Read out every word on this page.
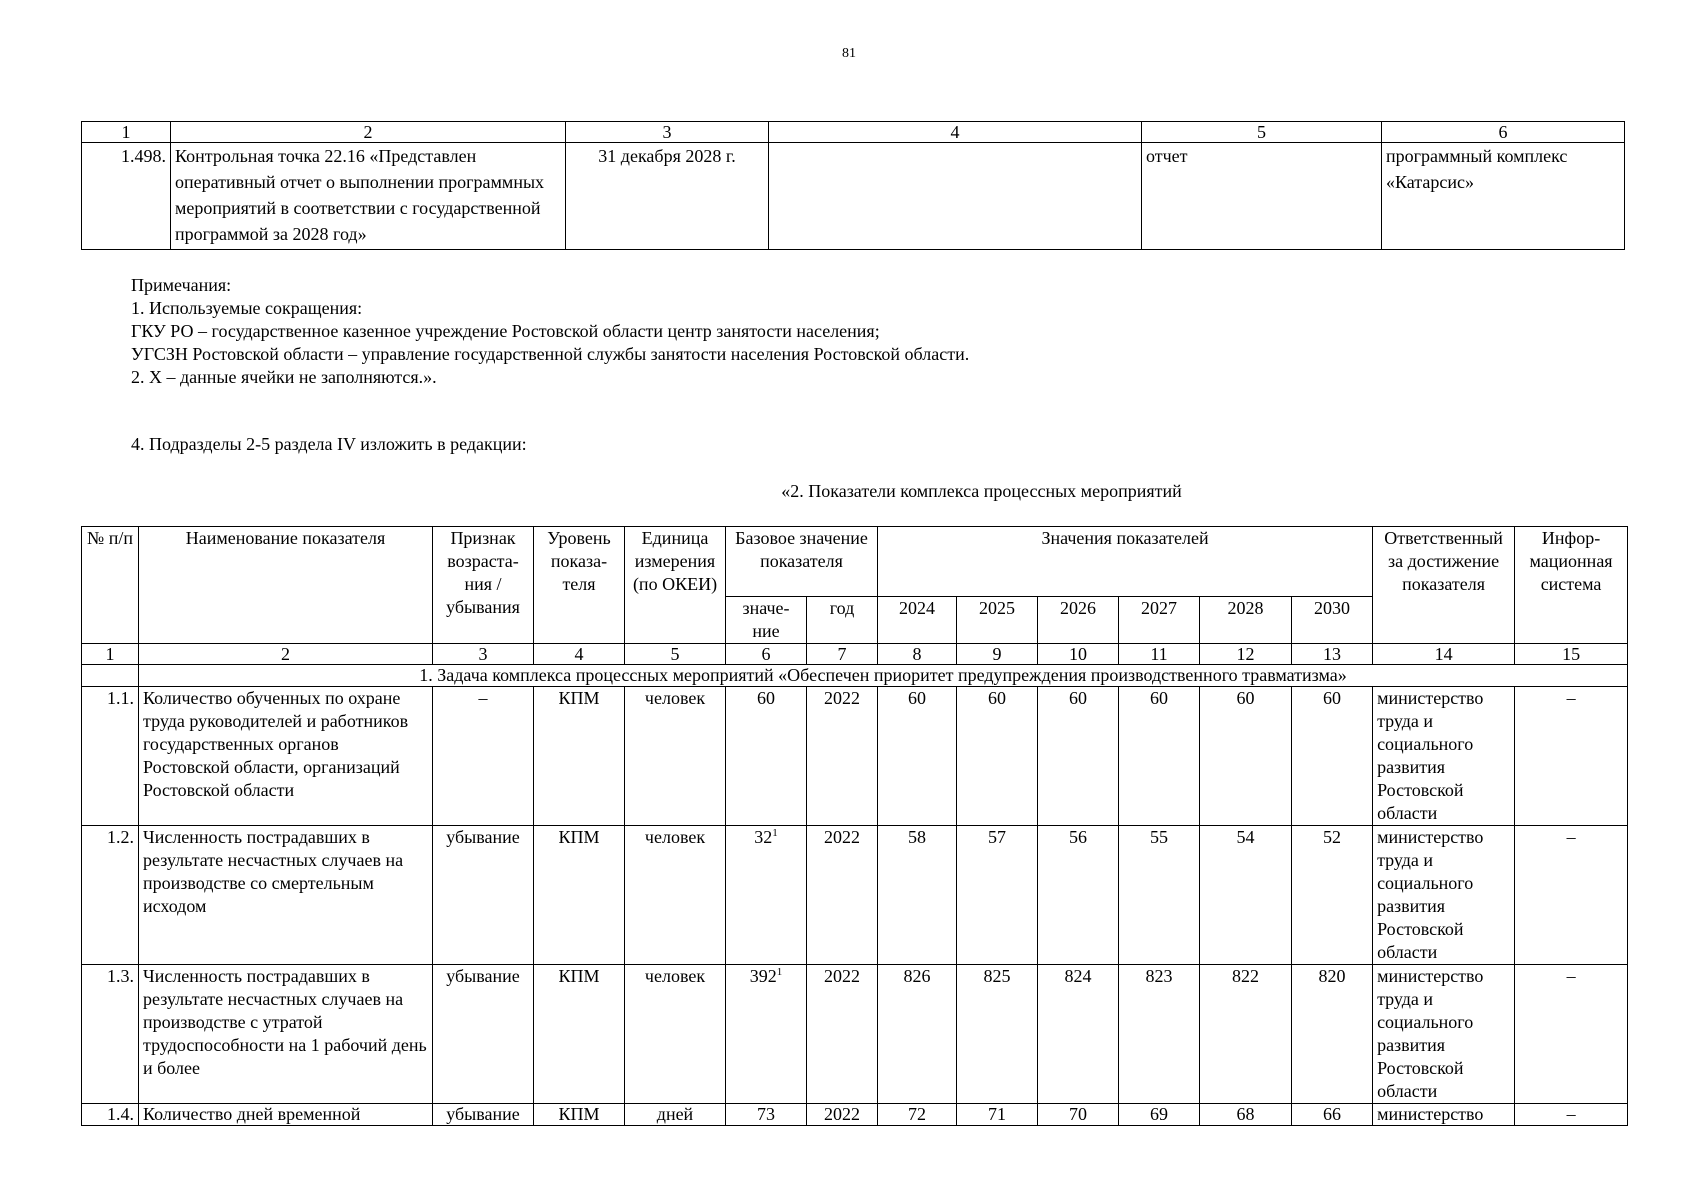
81
1	2	3	4	5	6
1.498.	Контрольная точка 22.16 «Представлен оперативный отчет о выполнении программных мероприятий в соответствии с государственной программой за 2028 год»	31 декабря 2028 г.		отчет	программный комплекс «Катарсис»
Примечания:
1. Используемые сокращения:
ГКУ РО – государственное казенное учреждение Ростовской области центр занятости населения;
УГСЗН Ростовской области – управление государственной службы занятости населения Ростовской области.
2. X – данные ячейки не заполняются.».
4. Подразделы 2-5 раздела IV изложить в редакции:
«2. Показатели комплекса процессных мероприятий
№ п/п	Наименование показателя	Признак возраста-ния / убывания	Уровень показа-теля	Единица измерения (по ОКЕИ)	Базовое значение показателя		Значения показателей						Ответственный за достижение показателя	Инфор-мационная система
					значе-ние	год	2024	2025	2026	2027	2028	2030		
1	2	3	4	5	6	7	8	9	10	11	12	13	14	15
	1. Задача комплекса процессных мероприятий «Обеспечен приоритет предупреждения производственного травматизма»													
1.1.	Количество обученных по охране труда руководителей и работников государственных органов Ростовской области, организаций Ростовской области	–	КПМ	человек	60	2022	60	60	60	60	60	60	министерство труда и социального развития Ростовской области	–
1.2.	Численность пострадавших в результате несчастных случаев на производстве со смертельным исходом	убывание	КПМ	человек	$32^1$	2022	58	57	56	55	54	52	министерство труда и социального развития Ростовской области	–
1.3.	Численность пострадавших в результате несчастных случаев на производстве с утратой трудоспособности на 1 рабочий день и более	убывание	КПМ	человек	$392^1$	2022	826	825	824	823	822	820	министерство труда и социального развития Ростовской области	–
1.4.	Количество дней временной	убывание	КПМ	дней	73	2022	72	71	70	69	68	66	министерство	–
